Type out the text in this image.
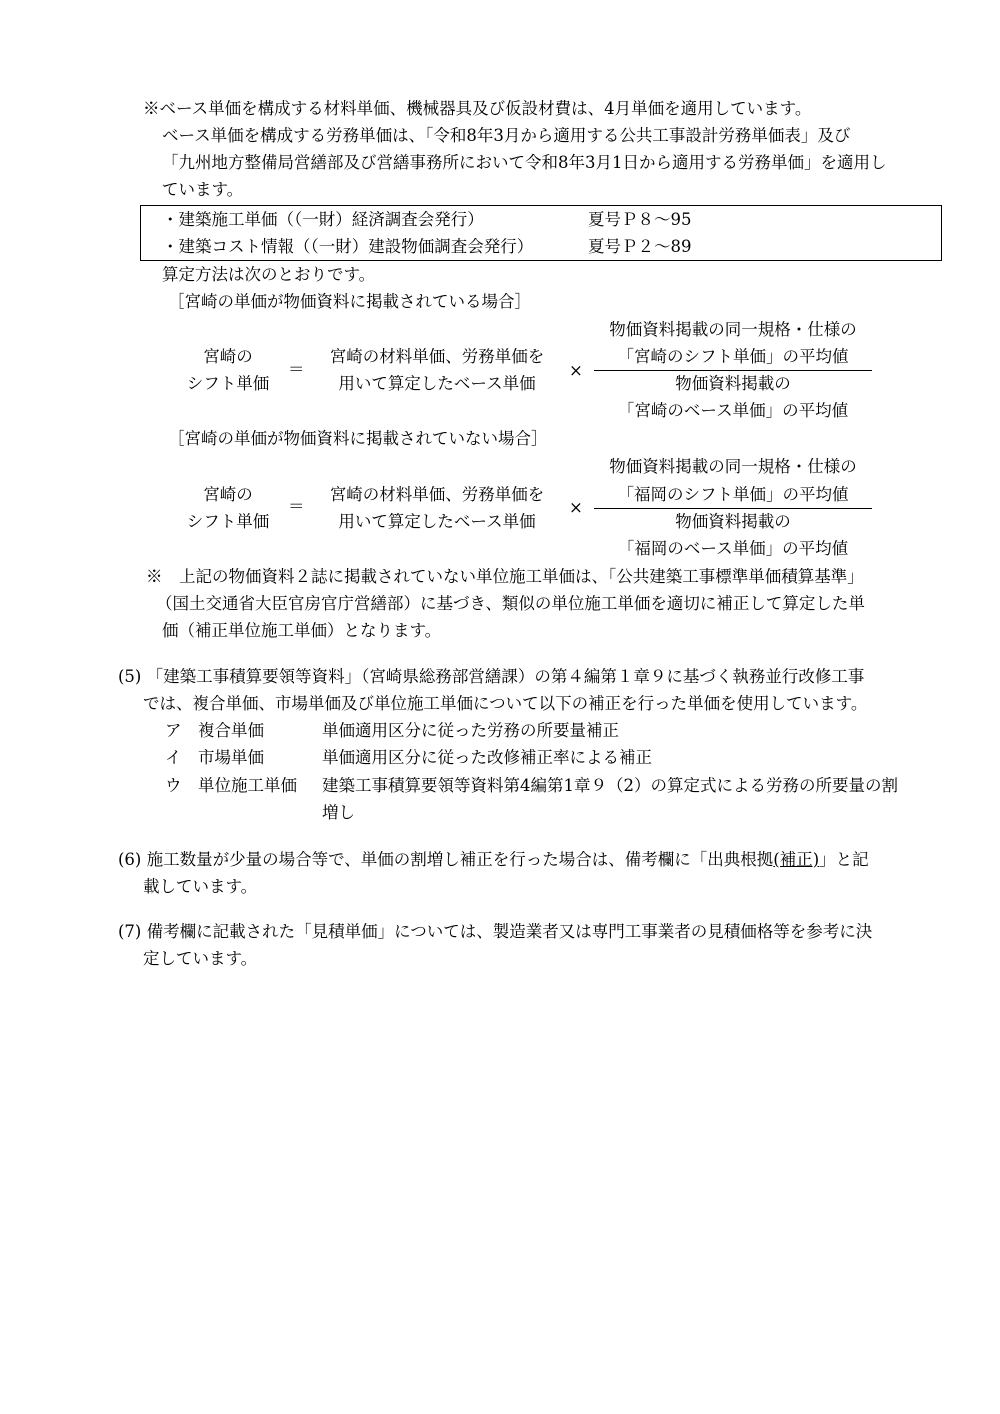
※ベース単価を構成する材料単価、機械器具及び仮設材費は、4月単価を適用しています。
ベース単価を構成する労務単価は、「令和8年3月から適用する公共工事設計労務単価表」及び
「九州地方整備局営繕部及び営繕事務所において令和8年3月1日から適用する労務単価」を適用し
ています。
・建築施工単価（（一財）経済調査会発行）	夏号Ｐ８～95
・建築コスト情報（（一財）建設物価調査会発行）	夏号Ｐ２～89
算定方法は次のとおりです。
［宮崎の単価が物価資料に掲載されている場合］
宮崎の
シフト単価
＝
宮崎の材料単価、労務単価を
用いて算定したベース単価
×
物価資料掲載の同一規格・仕様の
「宮崎のシフト単価」の平均値
物価資料掲載の
「宮崎のベース単価」の平均値
［宮崎の単価が物価資料に掲載されていない場合］
宮崎の
シフト単価
＝
宮崎の材料単価、労務単価を
用いて算定したベース単価
×
物価資料掲載の同一規格・仕様の
「福岡のシフト単価」の平均値
物価資料掲載の
「福岡のベース単価」の平均値
※　上記の物価資料２誌に掲載されていない単位施工単価は、「公共建築工事標準単価積算基準」
（国土交通省大臣官房官庁営繕部）に基づき、類似の単位施工単価を適切に補正して算定した単
価（補正単位施工単価）となります。
(5) 「建築工事積算要領等資料」（宮崎県総務部営繕課）の第４編第１章９に基づく執務並行改修工事
では、複合単価、市場単価及び単位施工単価について以下の補正を行った単価を使用しています。
ア 複合単価	単価適用区分に従った労務の所要量補正
イ 市場単価	単価適用区分に従った改修補正率による補正
ウ 単位施工単価 建築工事積算要領等資料第4編第1章９（2）の算定式による労務の所要量の割
増し
(6) 施工数量が少量の場合等で、単価の割増し補正を行った場合は、備考欄に「出典根拠(補正)」と記
載しています。
(7) 備考欄に記載された「見積単価」については、製造業者又は専門工事業者の見積価格等を参考に決
定しています。
